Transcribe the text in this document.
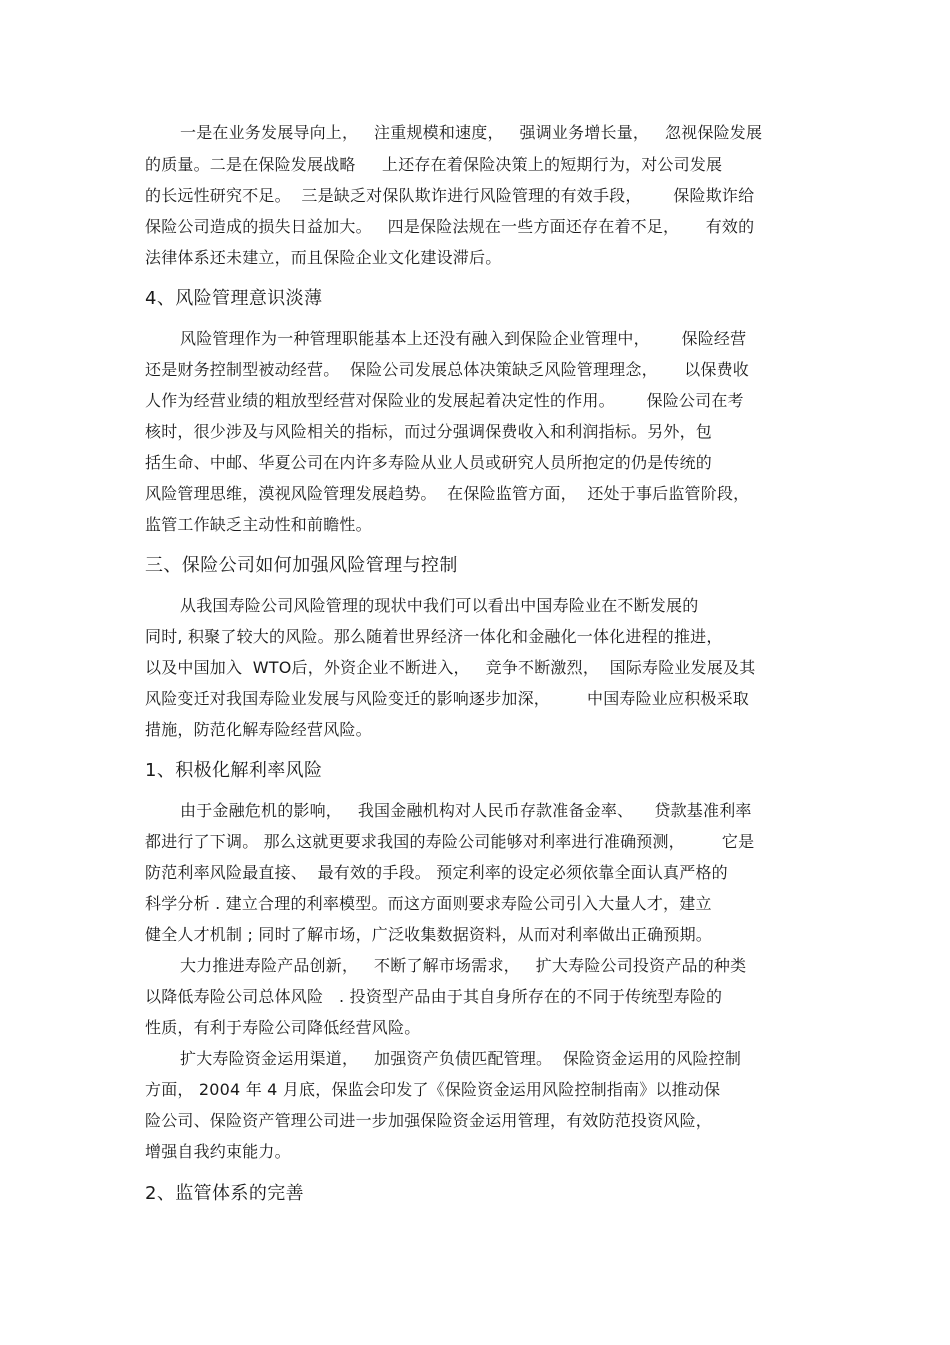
一是在业务发展导向上，   注重规模和速度，   强调业务增长量，   忽视保险发展
的质量。二是在保险发展战略     上还存在着保险决策上的短期行为，对公司发展
的长远性研究不足。  三是缺乏对保队欺诈进行风险管理的有效手段，      保险欺诈给
保险公司造成的损失日益加大。   四是保险法规在一些方面还存在着不足，     有效的
法律体系还未建立，而且保险企业文化建设滞后。
4、风险管理意识淡薄
风险管理作为一种管理职能基本上还没有融入到保险企业管理中，      保险经营
还是财务控制型被动经营。  保险公司发展总体决策缺乏风险管理理念，     以保费收
人作为经营业绩的粗放型经营对保险业的发展起着决定性的作用。      保险公司在考
核时，很少涉及与风险相关的指标，而过分强调保费收入和利润指标。另外，包
括生命、中邮、华夏公司在内许多寿险从业人员或研究人员所抱定的仍是传统的
风险管理思维，漠视风险管理发展趋势。  在保险监管方面，  还处于事后监管阶段，
监管工作缺乏主动性和前瞻性。
三、保险公司如何加强风险管理与控制
从我国寿险公司风险管理的现状中我们可以看出中国寿险业在不断发展的
同时, 积聚了较大的风险。那么随着世界经济一体化和金融化一体化进程的推进，
以及中国加入  WTO后，外资企业不断进入，   竞争不断激烈，  国际寿险业发展及其
风险变迁对我国寿险业发展与风险变迁的影响逐步加深，       中国寿险业应积极采取
措施，防范化解寿险经营风险。
1、积极化解利率风险
由于金融危机的影响，   我国金融机构对人民币存款准备金率、    贷款基准利率
都进行了下调。 那么这就更要求我国的寿险公司能够对利率进行准确预测，       它是
防范利率风险最直接、  最有效的手段。 预定利率的设定必须依靠全面认真严格的
科学分析 . 建立合理的利率模型。而这方面则要求寿险公司引入大量人才，建立
健全人才机制 ; 同时了解市场，广泛收集数据资料，从而对利率做出正确预期。
大力推进寿险产品创新，   不断了解市场需求，   扩大寿险公司投资产品的种类
以降低寿险公司总体风险   . 投资型产品由于其自身所存在的不同于传统型寿险的
性质，有利于寿险公司降低经营风险。
扩大寿险资金运用渠道，   加强资产负债匹配管理。  保险资金运用的风险控制
方面， 2004 年 4 月底，保监会印发了《保险资金运用风险控制指南》以推动保
险公司、保险资产管理公司进一步加强保险资金运用管理，有效防范投资风险，
增强自我约束能力。
2、监管体系的完善
